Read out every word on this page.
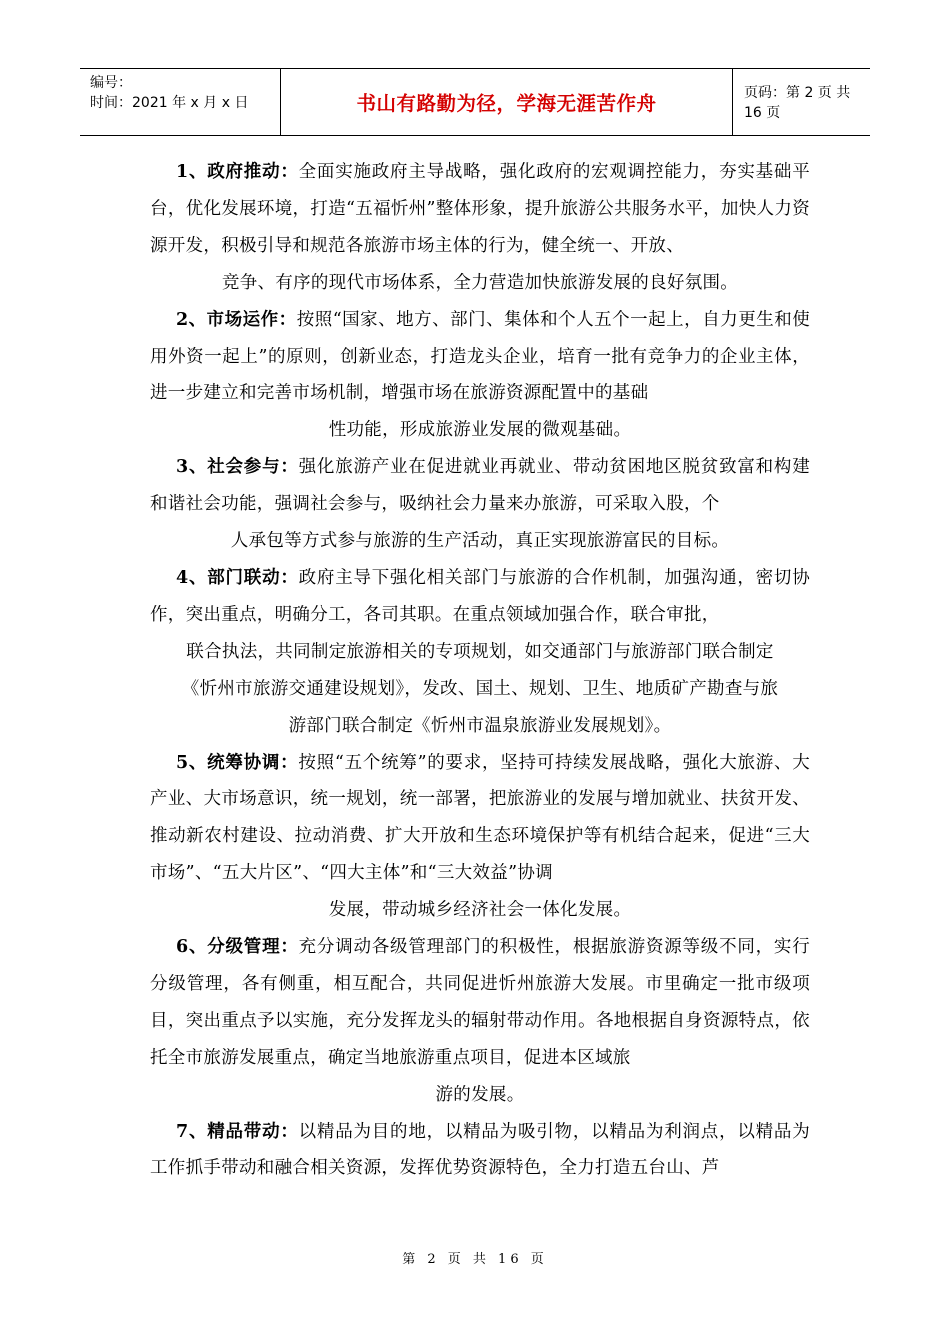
编号：
时间：2021 年 x 月 x 日	书山有路勤为径，学海无涯苦作舟	页码：第 2 页 共 16 页

1、政府推动：全面实施政府主导战略，强化政府的宏观调控能力，夯实基础平台，优化发展环境，打造“五福忻州”整体形象，提升旅游公共服务水平，加快人力资源开发，积极引导和规范各旅游市场主体的行为，健全统一、开放、
竞争、有序的现代市场体系，全力营造加快旅游发展的良好氛围。

2、市场运作：按照“国家、地方、部门、集体和个人五个一起上，自力更生和使用外资一起上”的原则，创新业态，打造龙头企业，培育一批有竞争力的企业主体，进一步建立和完善市场机制，增强市场在旅游资源配置中的基础
性功能，形成旅游业发展的微观基础。

3、社会参与：强化旅游产业在促进就业再就业、带动贫困地区脱贫致富和构建和谐社会功能，强调社会参与，吸纳社会力量来办旅游，可采取入股，个
人承包等方式参与旅游的生产活动，真正实现旅游富民的目标。

4、部门联动：政府主导下强化相关部门与旅游的合作机制，加强沟通，密切协作，突出重点，明确分工，各司其职。在重点领域加强合作，联合审批，
联合执法，共同制定旅游相关的专项规划，如交通部门与旅游部门联合制定
《忻州市旅游交通建设规划》，发改、国土、规划、卫生、地质矿产勘查与旅
游部门联合制定《忻州市温泉旅游业发展规划》。

5、统筹协调：按照“五个统筹”的要求，坚持可持续发展战略，强化大旅游、大产业、大市场意识，统一规划，统一部署，把旅游业的发展与增加就业、扶贫开发、推动新农村建设、拉动消费、扩大开放和生态环境保护等有机结合起来，促进“三大市场”、“五大片区”、“四大主体”和“三大效益”协调
发展，带动城乡经济社会一体化发展。

6、分级管理：充分调动各级管理部门的积极性，根据旅游资源等级不同，实行分级管理，各有侧重，相互配合，共同促进忻州旅游大发展。市里确定一批市级项目，突出重点予以实施，充分发挥龙头的辐射带动作用。各地根据自身资源特点，依托全市旅游发展重点，确定当地旅游重点项目，促进本区域旅
游的发展。

7、精品带动：以精品为目的地，以精品为吸引物，以精品为利润点，以精品为工作抓手带动和融合相关资源，发挥优势资源特色，全力打造五台山、芦

第 2 页 共 16 页
